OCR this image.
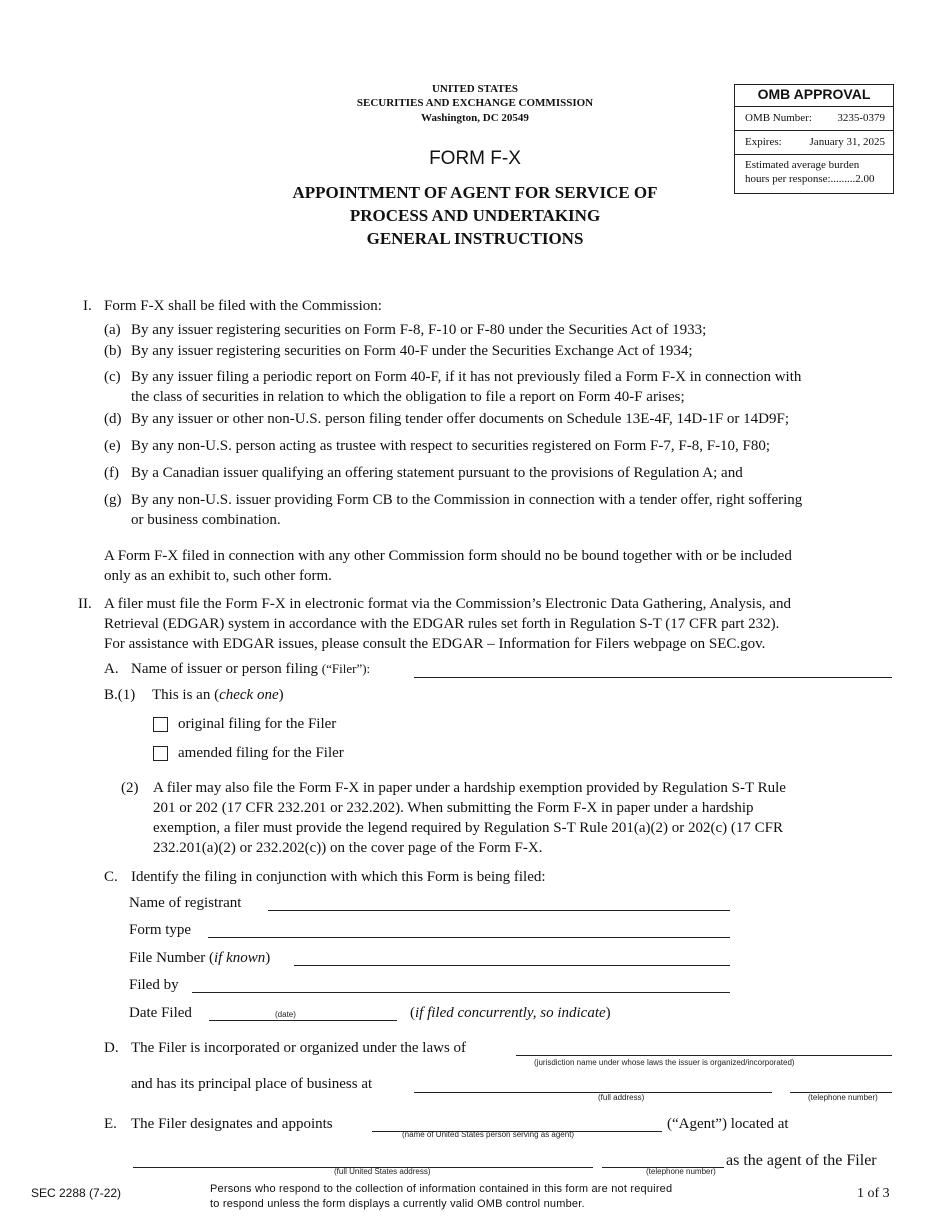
UNITED STATES
SECURITIES AND EXCHANGE COMMISSION
Washington, DC 20549
FORM F-X
APPOINTMENT OF AGENT FOR SERVICE OF
PROCESS AND UNDERTAKING
GENERAL INSTRUCTIONS
OMB APPROVAL
OMB Number: 3235-0379
Expires:	January 31, 2025
Estimated average burden
hours per response:.........2.00
I. Form F-X shall be filed with the Commission:
(a) By any issuer registering securities on Form F-8, F-10 or F-80 under the Securities Act of 1933;
(b) By any issuer registering securities on Form 40-F under the Securities Exchange Act of 1934;
(c) By any issuer filing a periodic report on Form 40-F, if it has not previously filed a Form F-X in connection with
the class of securities in relation to which the obligation to file a report on Form 40-F arises;
(d) By any issuer or other non-U.S. person filing tender offer documents on Schedule 13E-4F, 14D-1F or 14D9F;
(e) By any non-U.S. person acting as trustee with respect to securities registered on Form F-7, F-8, F-10, F80;
(f) By a Canadian issuer qualifying an offering statement pursuant to the provisions of Regulation A; and
(g) By any non-U.S. issuer providing Form CB to the Commission in connection with a tender offer, right soffering
or business combination.
A Form F-X filed in connection with any other Commission form should no be bound together with or be included
only as an exhibit to, such other form.
II. A filer must file the Form F-X in electronic format via the Commission’s Electronic Data Gathering, Analysis, and
Retrieval (EDGAR) system in accordance with the EDGAR rules set forth in Regulation S-T (17 CFR part 232).
For assistance with EDGAR issues, please consult the EDGAR – Information for Filers webpage on SEC.gov.
A. Name of issuer or person filing (“Filer”):
B.(1) This is an (check one)
original filing for the Filer
amended filing for the Filer
(2) A filer may also file the Form F-X in paper under a hardship exemption provided by Regulation S-T Rule
201 or 202 (17 CFR 232.201 or 232.202). When submitting the Form F-X in paper under a hardship
exemption, a filer must provide the legend required by Regulation S-T Rule 201(a)(2) or 202(c) (17 CFR
232.201(a)(2) or 232.202(c)) on the cover page of the Form F-X.
C. Identify the filing in conjunction with which this Form is being filed:
Name of registrant
Form type
File Number (if known)
Filed by
Date Filed	(date)	(if filed concurrently, so indicate)
D. The Filer is incorporated or organized under the laws of
(jurisdiction name under whose laws the issuer is organized/incorporated)
and has its principal place of business at
(full address)	(telephone number)
E. The Filer designates and appoints
(name of United States person serving as agent)
(“Agent”) located at
(full United States address)	(telephone number)
as the agent of the Filer
SEC 2288 (7-22)	Persons who respond to the collection of information contained in this form are not required
to respond unless the form displays a currently valid OMB control number.
1 of 3
